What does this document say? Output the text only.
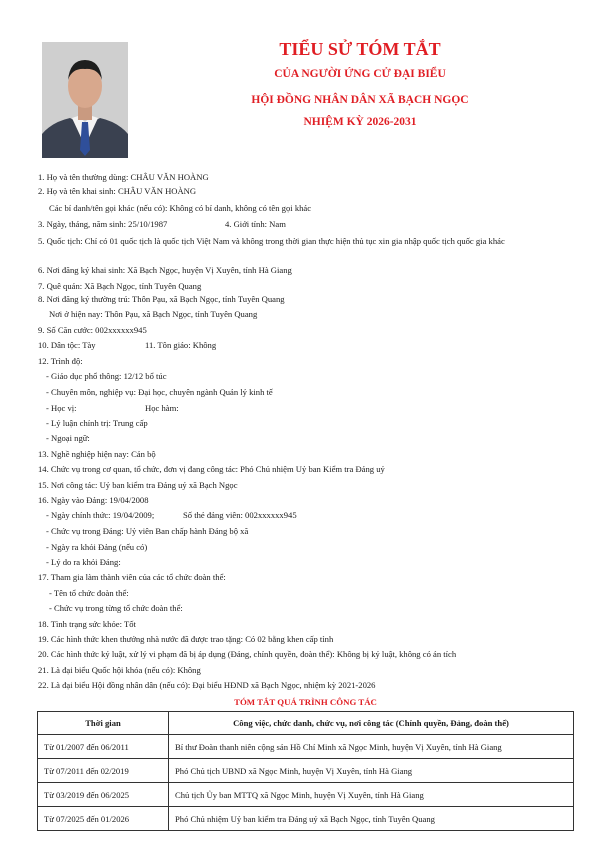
TIỂU SỬ TÓM TẮT
CỦA NGƯỜI ỨNG CỬ ĐẠI BIỂU
HỘI ĐỒNG NHÂN DÂN XÃ BẠCH NGỌC
NHIỆM KỲ 2026-2031
1. Họ và tên thường dùng: CHÂU VĂN HOÀNG
2. Họ và tên khai sinh: CHÂU VĂN HOÀNG
Các bí danh/tên gọi khác (nếu có): Không có bí danh, không có tên gọi khác
3. Ngày, tháng, năm sinh: 25/10/1987	4. Giới tính: Nam
5. Quốc tịch: Chỉ có 01 quốc tịch là quốc tịch Việt Nam và không trong thời gian thực hiện thủ tục xin gia nhập quốc tịch quốc gia khác
6. Nơi đăng ký khai sinh: Xã Bạch Ngọc, huyện Vị Xuyên, tỉnh Hà Giang
7. Quê quán: Xã Bạch Ngọc, tỉnh Tuyên Quang
8. Nơi đăng ký thường trú: Thôn Pạu, xã Bạch Ngọc, tỉnh Tuyên Quang
Nơi ở hiện nay: Thôn Pạu, xã Bạch Ngọc, tỉnh Tuyên Quang
9. Số Căn cước: 002xxxxxx945
10. Dân tộc: Tày	11. Tôn giáo: Không
12. Trình độ:
- Giáo dục phổ thông: 12/12 bổ túc
- Chuyên môn, nghiệp vụ: Đại học, chuyên ngành Quản lý kinh tế
- Học vị:	Học hàm:
- Lý luận chính trị: Trung cấp
- Ngoại ngữ:
13. Nghề nghiệp hiện nay: Cán bộ
14. Chức vụ trong cơ quan, tổ chức, đơn vị đang công tác: Phó Chủ nhiệm Uỷ ban Kiểm tra Đảng uỷ
15. Nơi công tác: Uỷ ban kiểm tra Đảng uỷ xã Bạch Ngọc
16. Ngày vào Đảng: 19/04/2008
- Ngày chính thức: 19/04/2009;	Số thẻ đảng viên: 002xxxxxx945
- Chức vụ trong Đảng: Uỷ viên Ban chấp hành Đảng bộ xã
- Ngày ra khỏi Đảng (nếu có)
- Lý do ra khỏi Đảng:
17. Tham gia làm thành viên của các tổ chức đoàn thể:
- Tên tổ chức đoàn thể:
- Chức vụ trong từng tổ chức đoàn thể:
18. Tình trạng sức khỏe: Tốt
19. Các hình thức khen thưởng nhà nước đã được trao tặng: Có 02 bằng khen cấp tỉnh
20. Các hình thức kỷ luật, xử lý vi phạm đã bị áp dụng (Đảng, chính quyền, đoàn thể): Không bị kỷ luật, không có án tích
21. Là đại biểu Quốc hội khóa (nếu có): Không
22. Là đại biểu Hội đồng nhân dân (nếu có): Đại biểu HĐND xã Bạch Ngọc, nhiệm kỳ 2021-2026
TÓM TẮT QUÁ TRÌNH CÔNG TÁC
Thời gian	Công việc, chức danh, chức vụ, nơi công tác (Chính quyền, Đảng, đoàn thể)
Từ 01/2007 đến 06/2011	Bí thư Đoàn thanh niên cộng sản Hồ Chí Minh xã Ngọc Minh, huyện Vị Xuyên, tỉnh Hà Giang
Từ 07/2011 đến 02/2019	Phó Chủ tịch UBND xã Ngọc Minh, huyện Vị Xuyên, tỉnh Hà Giang
Từ 03/2019 đến 06/2025	Chủ tịch Ủy ban MTTQ xã Ngọc Minh, huyện Vị Xuyên, tỉnh Hà Giang
Từ 07/2025 đến 01/2026	Phó Chủ nhiệm Uỷ ban kiểm tra Đảng uỷ xã Bạch Ngọc, tỉnh Tuyên Quang
